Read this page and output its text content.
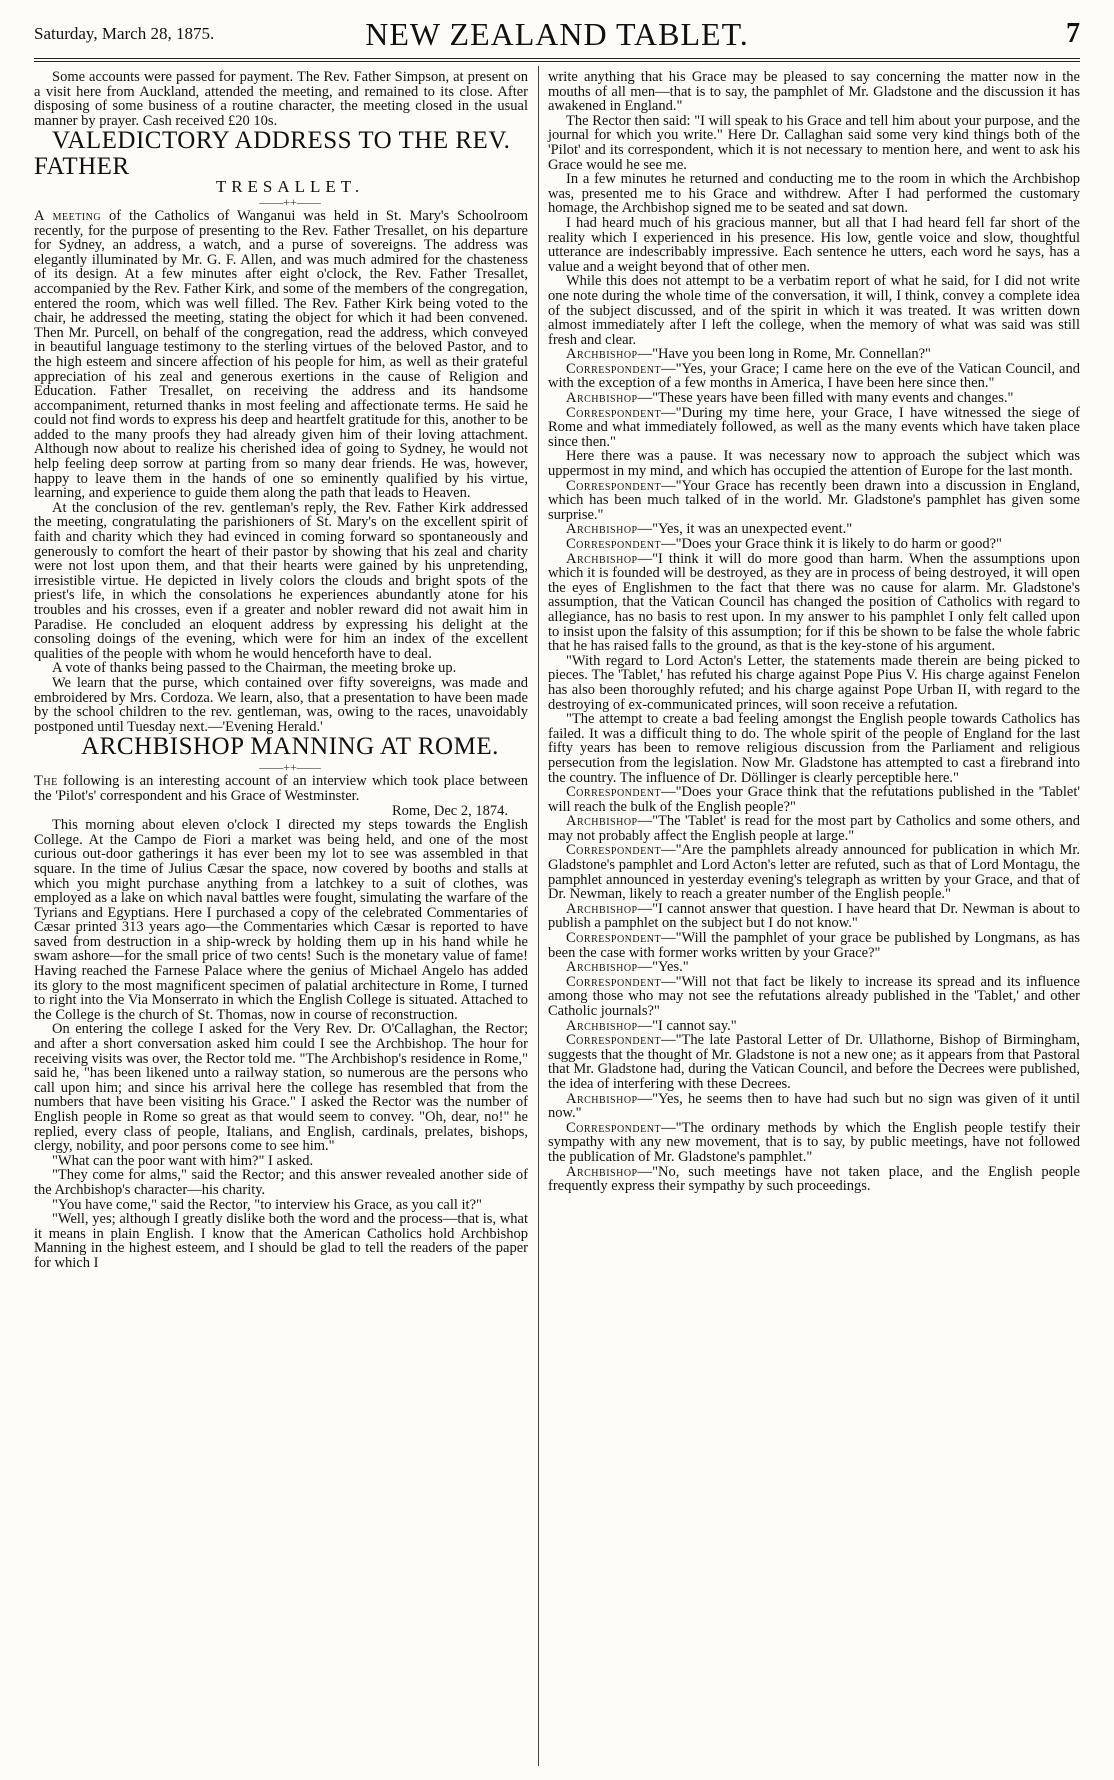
Saturday, March 28, 1875.	NEW ZEALAND TABLET.	7

Some accounts were passed for payment. The Rev. Father Simpson, at present on a visit here from Auckland, attended the meeting, and remained to its close. After disposing of some business of a routine character, the meeting closed in the usual manner by prayer. Cash received £20 10s.

VALEDICTORY ADDRESS TO THE REV. FATHER

TRESALLET.

——++——

A meeting of the Catholics of Wanganui was held in St. Mary's Schoolroom recently, for the purpose of presenting to the Rev. Father Tresallet, on his departure for Sydney, an address, a watch, and a purse of sovereigns. The address was elegantly illuminated by Mr. G. F. Allen, and was much admired for the chasteness of its design. At a few minutes after eight o'clock, the Rev. Father Tresallet, accompanied by the Rev. Father Kirk, and some of the members of the congregation, entered the room, which was well filled. The Rev. Father Kirk being voted to the chair, he addressed the meeting, stating the object for which it had been convened. Then Mr. Purcell, on behalf of the congregation, read the address, which conveyed in beautiful language testimony to the sterling virtues of the beloved Pastor, and to the high esteem and sincere affection of his people for him, as well as their grateful appreciation of his zeal and generous exertions in the cause of Religion and Education. Father Tresallet, on receiving the address and its handsome accompaniment, returned thanks in most feeling and affectionate terms. He said he could not find words to express his deep and heartfelt gratitude for this, another to be added to the many proofs they had already given him of their loving attachment. Although now about to realize his cherished idea of going to Sydney, he would not help feeling deep sorrow at parting from so many dear friends. He was, however, happy to leave them in the hands of one so eminently qualified by his virtue, learning, and experience to guide them along the path that leads to Heaven.

At the conclusion of the rev. gentleman's reply, the Rev. Father Kirk addressed the meeting, congratulating the parishioners of St. Mary's on the excellent spirit of faith and charity which they had evinced in coming forward so spontaneously and generously to comfort the heart of their pastor by showing that his zeal and charity were not lost upon them, and that their hearts were gained by his unpretending, irresistible virtue. He depicted in lively colors the clouds and bright spots of the priest's life, in which the consolations he experiences abundantly atone for his troubles and his crosses, even if a greater and nobler reward did not await him in Paradise. He concluded an eloquent address by expressing his delight at the consoling doings of the evening, which were for him an index of the excellent qualities of the people with whom he would henceforth have to deal.

A vote of thanks being passed to the Chairman, the meeting broke up.

We learn that the purse, which contained over fifty sovereigns, was made and embroidered by Mrs. Cordoza. We learn, also, that a presentation to have been made by the school children to the rev. gentleman, was, owing to the races, unavoidably postponed until Tuesday next.—'Evening Herald.'

ARCHBISHOP MANNING AT ROME.

——++——

The following is an interesting account of an interview which took place between the 'Pilot's' correspondent and his Grace of Westminster.

Rome, Dec 2, 1874.

This morning about eleven o'clock I directed my steps towards the English College. At the Campo de Fiori a market was being held, and one of the most curious out-door gatherings it has ever been my lot to see was assembled in that square. In the time of Julius Cæsar the space, now covered by booths and stalls at which you might purchase anything from a latchkey to a suit of clothes, was employed as a lake on which naval battles were fought, simulating the warfare of the Tyrians and Egyptians. Here I purchased a copy of the celebrated Commentaries of Cæsar printed 313 years ago—the Commentaries which Cæsar is reported to have saved from destruction in a ship-wreck by holding them up in his hand while he swam ashore—for the small price of two cents! Such is the monetary value of fame! Having reached the Farnese Palace where the genius of Michael Angelo has added its glory to the most magnificent specimen of palatial architecture in Rome, I turned to right into the Via Monserrato in which the English College is situated. Attached to the College is the church of St. Thomas, now in course of reconstruction.

On entering the college I asked for the Very Rev. Dr. O'Callaghan, the Rector; and after a short conversation asked him could I see the Archbishop. The hour for receiving visits was over, the Rector told me. "The Archbishop's residence in Rome," said he, "has been likened unto a railway station, so numerous are the persons who call upon him; and since his arrival here the college has resembled that from the numbers that have been visiting his Grace." I asked the Rector was the number of English people in Rome so great as that would seem to convey. "Oh, dear, no!" he replied, every class of people, Italians, and English, cardinals, prelates, bishops, clergy, nobility, and poor persons come to see him."

"What can the poor want with him?" I asked.

"They come for alms," said the Rector; and this answer revealed another side of the Archbishop's character—his charity.

"You have come," said the Rector, "to interview his Grace, as you call it?"

"Well, yes; although I greatly dislike both the word and the process—that is, what it means in plain English. I know that the American Catholics hold Archbishop Manning in the highest esteem, and I should be glad to tell the readers of the paper for which I

write anything that his Grace may be pleased to say concerning the matter now in the mouths of all men—that is to say, the pamphlet of Mr. Gladstone and the discussion it has awakened in England."

The Rector then said: "I will speak to his Grace and tell him about your purpose, and the journal for which you write." Here Dr. Callaghan said some very kind things both of the 'Pilot' and its correspondent, which it is not necessary to mention here, and went to ask his Grace would he see me.

In a few minutes he returned and conducting me to the room in which the Archbishop was, presented me to his Grace and withdrew. After I had performed the customary homage, the Archbishop signed me to be seated and sat down.

I had heard much of his gracious manner, but all that I had heard fell far short of the reality which I experienced in his presence. His low, gentle voice and slow, thoughtful utterance are indescribably impressive. Each sentence he utters, each word he says, has a value and a weight beyond that of other men.

While this does not attempt to be a verbatim report of what he said, for I did not write one note during the whole time of the conversation, it will, I think, convey a complete idea of the subject discussed, and of the spirit in which it was treated. It was written down almost immediately after I left the college, when the memory of what was said was still fresh and clear.

Archbishop—"Have you been long in Rome, Mr. Connellan?"

Correspondent—"Yes, your Grace; I came here on the eve of the Vatican Council, and with the exception of a few months in America, I have been here since then."

Archbishop—"These years have been filled with many events and changes."

Correspondent—"During my time here, your Grace, I have witnessed the siege of Rome and what immediately followed, as well as the many events which have taken place since then."

Here there was a pause. It was necessary now to approach the subject which was uppermost in my mind, and which has occupied the attention of Europe for the last month.

Correspondent—"Your Grace has recently been drawn into a discussion in England, which has been much talked of in the world. Mr. Gladstone's pamphlet has given some surprise."

Archbishop—"Yes, it was an unexpected event."

Correspondent—"Does your Grace think it is likely to do harm or good?"

Archbishop—"I think it will do more good than harm. When the assumptions upon which it is founded will be destroyed, as they are in process of being destroyed, it will open the eyes of Englishmen to the fact that there was no cause for alarm. Mr. Gladstone's assumption, that the Vatican Council has changed the position of Catholics with regard to allegiance, has no basis to rest upon. In my answer to his pamphlet I only felt called upon to insist upon the falsity of this assumption; for if this be shown to be false the whole fabric that he has raised falls to the ground, as that is the key-stone of his argument.

"With regard to Lord Acton's Letter, the statements made therein are being picked to pieces. The 'Tablet,' has refuted his charge against Pope Pius V. His charge against Fenelon has also been thoroughly refuted; and his charge against Pope Urban II, with regard to the destroying of ex-communicated princes, will soon receive a refutation.

"The attempt to create a bad feeling amongst the English people towards Catholics has failed. It was a difficult thing to do. The whole spirit of the people of England for the last fifty years has been to remove religious discussion from the Parliament and religious persecution from the legislation. Now Mr. Gladstone has attempted to cast a firebrand into the country. The influence of Dr. Döllinger is clearly perceptible here."

Correspondent—"Does your Grace think that the refutations published in the 'Tablet' will reach the bulk of the English people?"

Archbishop—"The 'Tablet' is read for the most part by Catholics and some others, and may not probably affect the English people at large."

Correspondent—"Are the pamphlets already announced for publication in which Mr. Gladstone's pamphlet and Lord Acton's letter are refuted, such as that of Lord Montagu, the pamphlet announced in yesterday evening's telegraph as written by your Grace, and that of Dr. Newman, likely to reach a greater number of the English people."

Archbishop—"I cannot answer that question. I have heard that Dr. Newman is about to publish a pamphlet on the subject but I do not know."

Correspondent—"Will the pamphlet of your grace be published by Longmans, as has been the case with former works written by your Grace?"

Archbishop—"Yes."

Correspondent—"Will not that fact be likely to increase its spread and its influence among those who may not see the refutations already published in the 'Tablet,' and other Catholic journals?"

Archbishop—"I cannot say."

Correspondent—"The late Pastoral Letter of Dr. Ullathorne, Bishop of Birmingham, suggests that the thought of Mr. Gladstone is not a new one; as it appears from that Pastoral that Mr. Gladstone had, during the Vatican Council, and before the Decrees were published, the idea of interfering with these Decrees.

Archbishop—"Yes, he seems then to have had such but no sign was given of it until now."

Correspondent—"The ordinary methods by which the English people testify their sympathy with any new movement, that is to say, by public meetings, have not followed the publication of Mr. Gladstone's pamphlet."

Archbishop—"No, such meetings have not taken place, and the English people frequently express their sympathy by such proceedings.
